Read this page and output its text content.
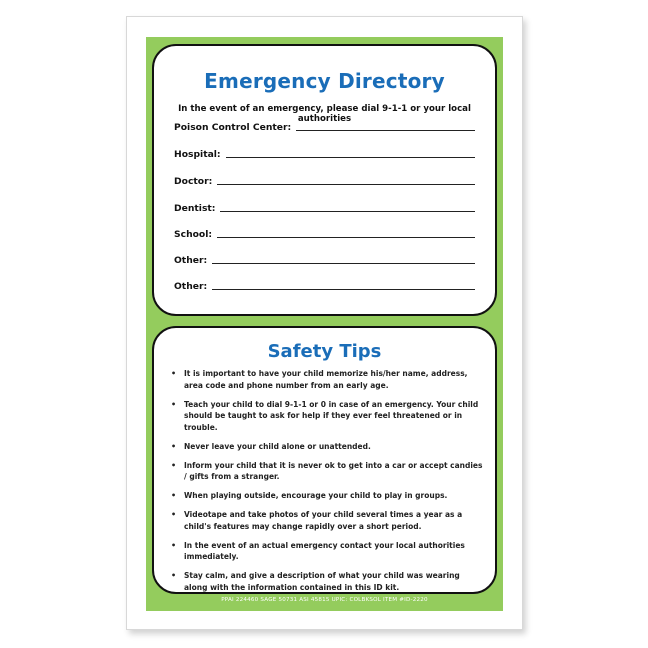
Emergency Directory
In the event of an emergency, please dial 9-1-1 or your local authorities
Poison Control Center:
Hospital:
Doctor:
Dentist:
School:
Other:
Other:
Safety Tips
• It is important to have your child memorize his/her name, address, area code and phone number from an early age.
• Teach your child to dial 9-1-1 or 0 in case of an emergency. Your child should be taught to ask for help if they ever feel threatened or in trouble.
• Never leave your child alone or unattended.
• Inform your child that it is never ok to get into a car or accept candies / gifts from a stranger.
• When playing outside, encourage your child to play in groups.
• Videotape and take photos of your child several times a year as a child's features may change rapidly over a short period.
• In the event of an actual emergency contact your local authorities immediately.
• Stay calm, and give a description of what your child was wearing along with the information contained in this ID kit.
PPAI 224460 SAGE 50731 ASI 45815 UPIC: COLBKSOL ITEM #ID-2220
